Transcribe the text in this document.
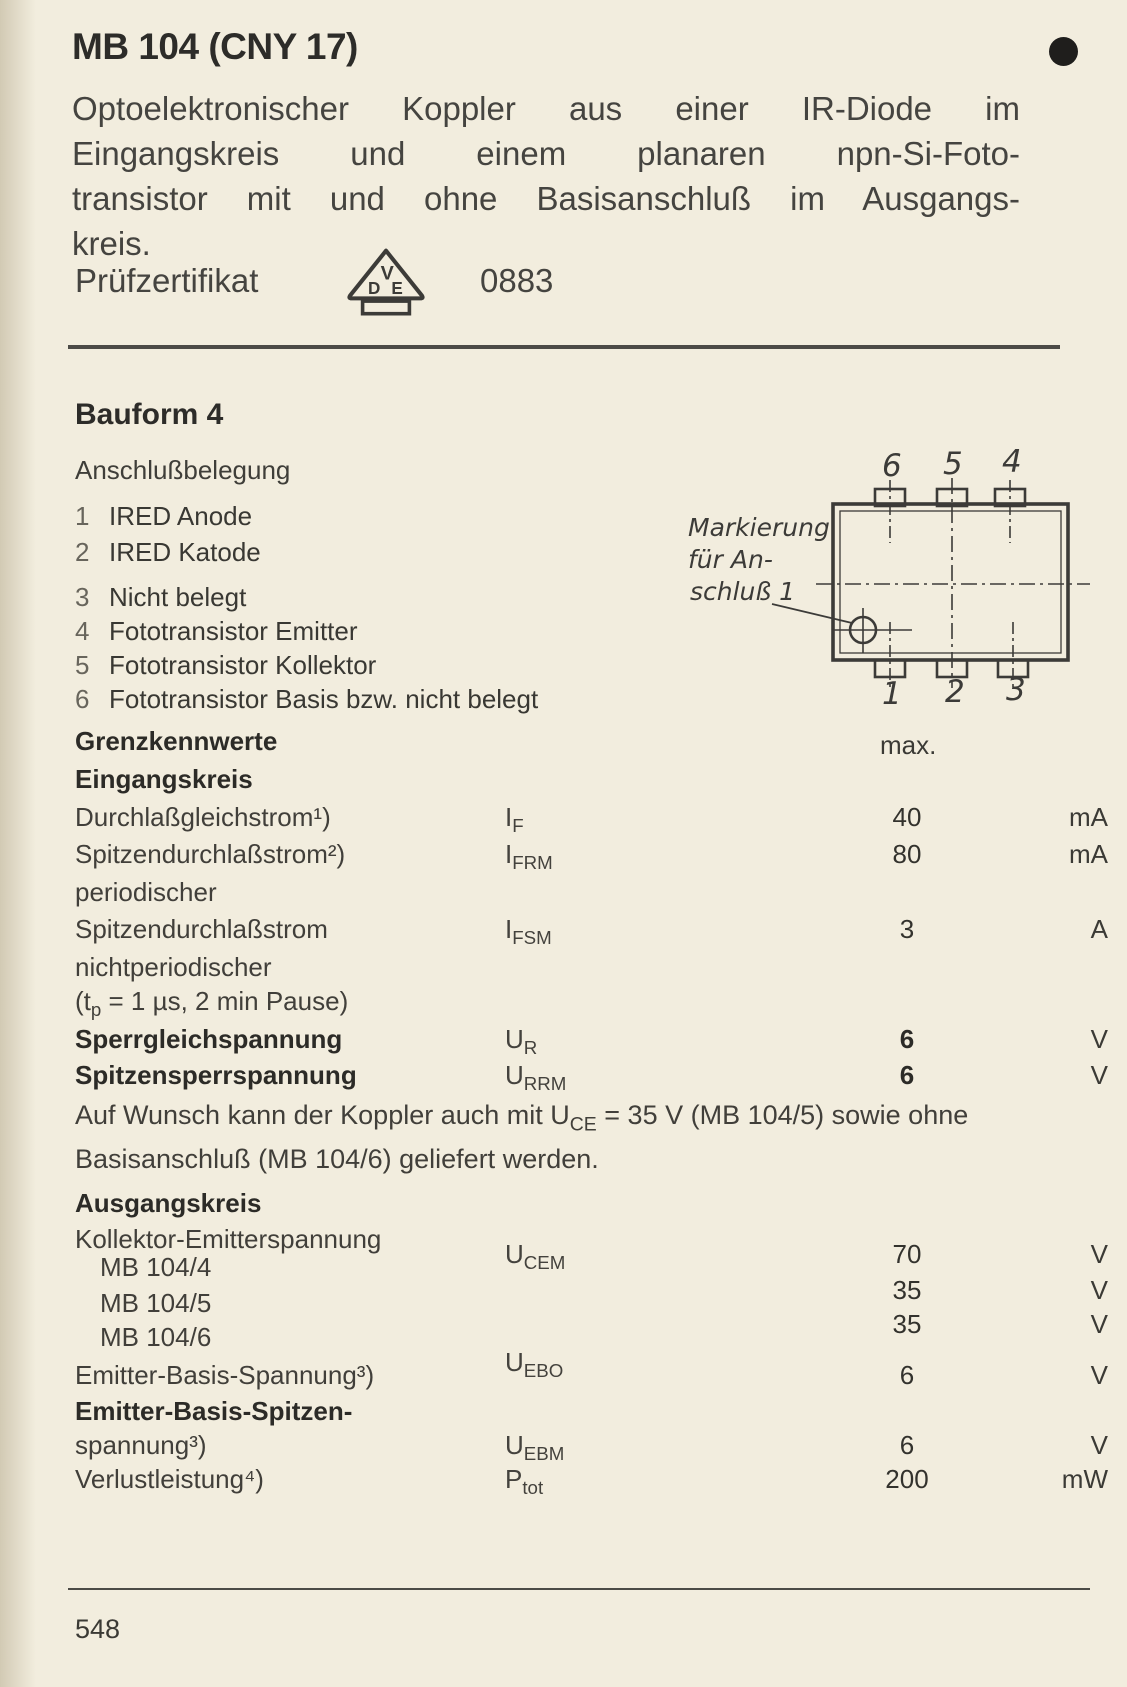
MB 104 (CNY 17)
Optoelektronischer Koppler aus einer IR-Diode im
Eingangskreis und einem planaren npn-Si-Foto-
transistor mit und ohne Basisanschluß im Ausgangs-
kreis.
Prüfzertifikat	V
D E 0883
Bauform 4
Anschlußbelegung
1 IRED Anode
2 IRED Katode
3 Nicht belegt
4 Fototransistor Emitter
5 Fototransistor Kollektor
6 Fototransistor Basis bzw. nicht belegt
6 5 4
Markierung
für An-
schluß 1
1 2 3
Grenzkennwerte	max.
Eingangskreis
Durchlaßgleichstrom¹)	$I_F$	40	mA
Spitzendurchlaßstrom²)	$I_{FRM}$	80	mA
periodischer
Spitzendurchlaßstrom	$I_{FSM}$	3	A
nichtperiodischer
($t_p = 1$ µs, 2 min Pause)
Sperrgleichspannung	$U_R$	6	V
Spitzensperrspannung	$U_{RRM}$	6	V
Auf Wunsch kann der Koppler auch mit $U_{CE} = 35$ V (MB 104/5) sowie ohne
Basisanschluß (MB 104/6) geliefert werden.
Ausgangskreis
Kollektor-Emitterspannung
MB 104/4	$U_{CEM}$	70	V
MB 104/5	35	V
MB 104/6	35	V
Emitter-Basis-Spannung³)	$U_{EBO}$	6	V
Emitter-Basis-Spitzen-
spannung³)	$U_{EBM}$	6	V
Verlustleistung⁴)	$P_{tot}$	200	mW
548
